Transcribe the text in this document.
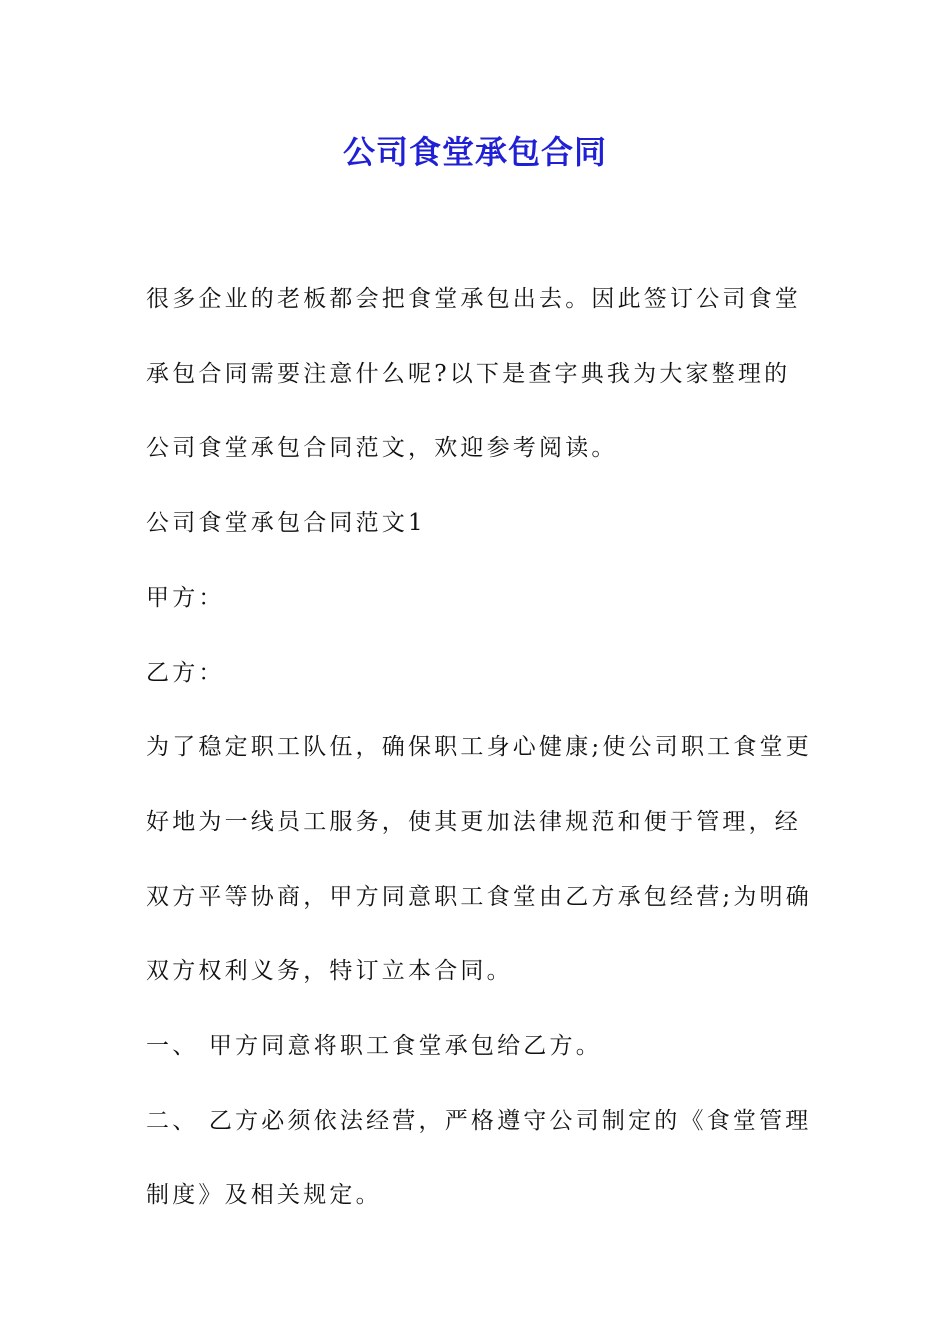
公司食堂承包合同

很多企业的老板都会把食堂承包出去。因此签订公司食堂承包合同需要注意什么呢?以下是查字典我为大家整理的公司食堂承包合同范文，欢迎参考阅读。

公司食堂承包合同范文1

甲方：

乙方：

为了稳定职工队伍，确保职工身心健康;使公司职工食堂更好地为一线员工服务，使其更加法律规范和便于管理，经双方平等协商，甲方同意职工食堂由乙方承包经营;为明确双方权利义务，特订立本合同。

一、 甲方同意将职工食堂承包给乙方。

二、 乙方必须依法经营，严格遵守公司制定的《食堂管理制度》及相关规定。
